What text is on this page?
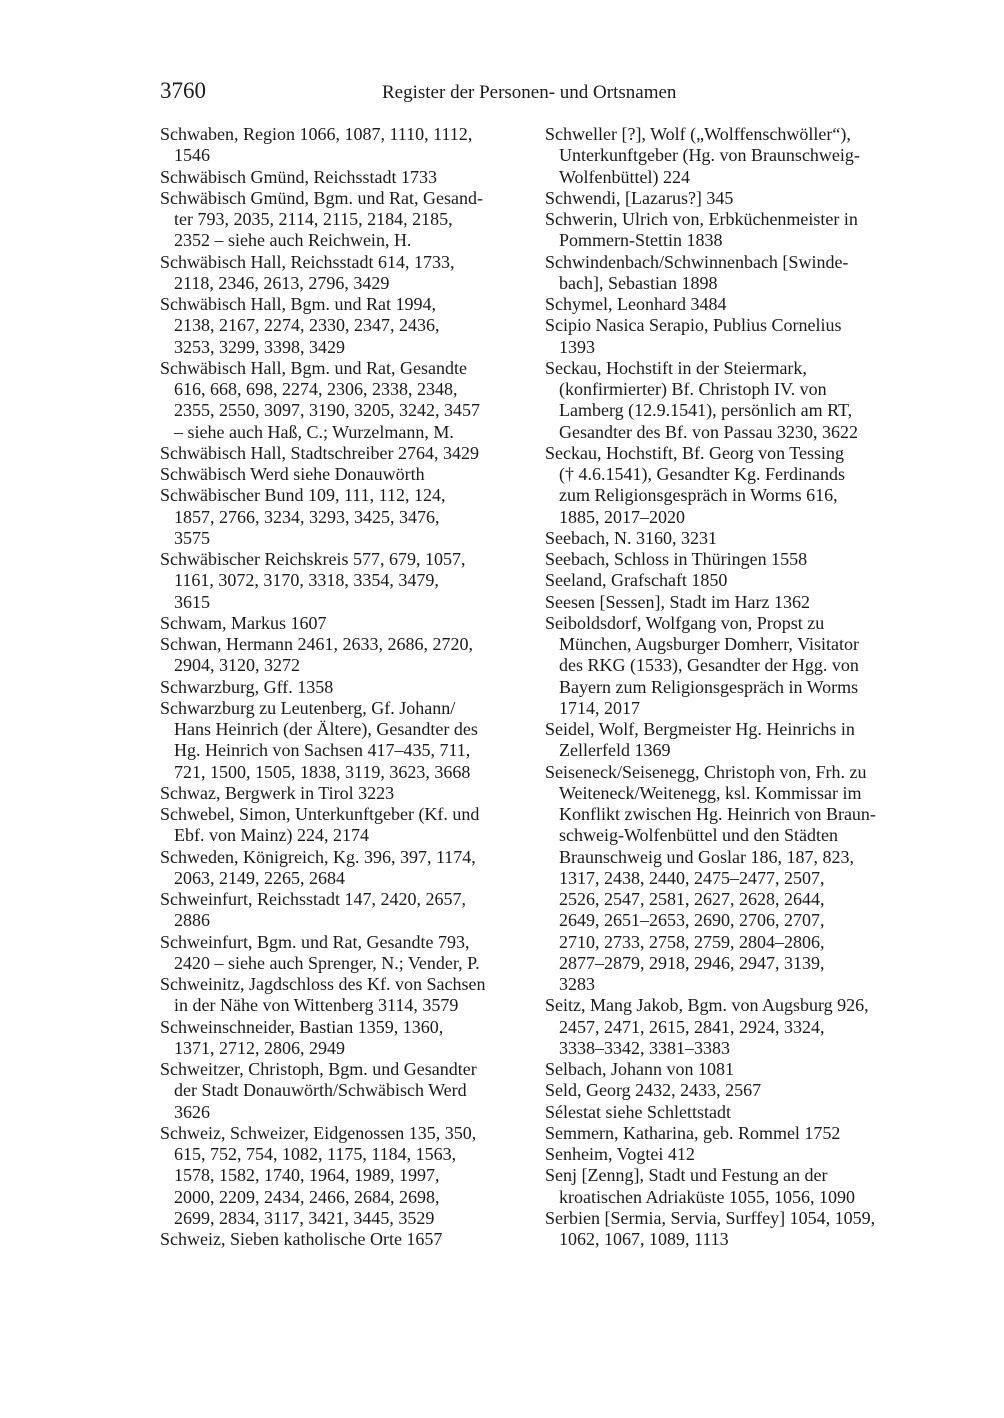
3760	Register der Personen- und Ortsnamen
Schwaben, Region 1066, 1087, 1110, 1112,
1546
Schwäbisch Gmünd, Reichsstadt 1733
Schwäbisch Gmünd, Bgm. und Rat, Gesand-
ter 793, 2035, 2114, 2115, 2184, 2185,
2352 – siehe auch Reichwein, H.
Schwäbisch Hall, Reichsstadt 614, 1733,
2118, 2346, 2613, 2796, 3429
Schwäbisch Hall, Bgm. und Rat 1994,
2138, 2167, 2274, 2330, 2347, 2436,
3253, 3299, 3398, 3429
Schwäbisch Hall, Bgm. und Rat, Gesandte
616, 668, 698, 2274, 2306, 2338, 2348,
2355, 2550, 3097, 3190, 3205, 3242, 3457
– siehe auch Haß, C.; Wurzelmann, M.
Schwäbisch Hall, Stadtschreiber 2764, 3429
Schwäbisch Werd siehe Donauwörth
Schwäbischer Bund 109, 111, 112, 124,
1857, 2766, 3234, 3293, 3425, 3476,
3575
Schwäbischer Reichskreis 577, 679, 1057,
1161, 3072, 3170, 3318, 3354, 3479,
3615
Schwam, Markus 1607
Schwan, Hermann 2461, 2633, 2686, 2720,
2904, 3120, 3272
Schwarzburg, Gff. 1358
Schwarzburg zu Leutenberg, Gf. Johann/
Hans Heinrich (der Ältere), Gesandter des
Hg. Heinrich von Sachsen 417–435, 711,
721, 1500, 1505, 1838, 3119, 3623, 3668
Schwaz, Bergwerk in Tirol 3223
Schwebel, Simon, Unterkunftgeber (Kf. und
Ebf. von Mainz) 224, 2174
Schweden, Königreich, Kg. 396, 397, 1174,
2063, 2149, 2265, 2684
Schweinfurt, Reichsstadt 147, 2420, 2657,
2886
Schweinfurt, Bgm. und Rat, Gesandte 793,
2420 – siehe auch Sprenger, N.; Vender, P.
Schweinitz, Jagdschloss des Kf. von Sachsen
in der Nähe von Wittenberg 3114, 3579
Schweinschneider, Bastian 1359, 1360,
1371, 2712, 2806, 2949
Schweitzer, Christoph, Bgm. und Gesandter
der Stadt Donauwörth/Schwäbisch Werd
3626
Schweiz, Schweizer, Eidgenossen 135, 350,
615, 752, 754, 1082, 1175, 1184, 1563,
1578, 1582, 1740, 1964, 1989, 1997,
2000, 2209, 2434, 2466, 2684, 2698,
2699, 2834, 3117, 3421, 3445, 3529
Schweiz, Sieben katholische Orte 1657
Schweller [?], Wolf („Wolffenschwöller“),
Unterkunftgeber (Hg. von Braunschweig-
Wolfenbüttel) 224
Schwendi, [Lazarus?] 345
Schwerin, Ulrich von, Erbküchenmeister in
Pommern-Stettin 1838
Schwindenbach/Schwinnenbach [Swinde-
bach], Sebastian 1898
Schymel, Leonhard 3484
Scipio Nasica Serapio, Publius Cornelius
1393
Seckau, Hochstift in der Steiermark,
(konfirmierter) Bf. Christoph IV. von
Lamberg (12.9.1541), persönlich am RT,
Gesandter des Bf. von Passau 3230, 3622
Seckau, Hochstift, Bf. Georg von Tessing
(† 4.6.1541), Gesandter Kg. Ferdinands
zum Religionsgespräch in Worms 616,
1885, 2017–2020
Seebach, N. 3160, 3231
Seebach, Schloss in Thüringen 1558
Seeland, Grafschaft 1850
Seesen [Sessen], Stadt im Harz 1362
Seiboldsdorf, Wolfgang von, Propst zu
München, Augsburger Domherr, Visitator
des RKG (1533), Gesandter der Hgg. von
Bayern zum Religionsgespräch in Worms
1714, 2017
Seidel, Wolf, Bergmeister Hg. Heinrichs in
Zellerfeld 1369
Seiseneck/Seisenegg, Christoph von, Frh. zu
Weiteneck/Weitenegg, ksl. Kommissar im
Konflikt zwischen Hg. Heinrich von Braun-
schweig-Wolfenbüttel und den Städten
Braunschweig und Goslar 186, 187, 823,
1317, 2438, 2440, 2475–2477, 2507,
2526, 2547, 2581, 2627, 2628, 2644,
2649, 2651–2653, 2690, 2706, 2707,
2710, 2733, 2758, 2759, 2804–2806,
2877–2879, 2918, 2946, 2947, 3139,
3283
Seitz, Mang Jakob, Bgm. von Augsburg 926,
2457, 2471, 2615, 2841, 2924, 3324,
3338–3342, 3381–3383
Selbach, Johann von 1081
Seld, Georg 2432, 2433, 2567
Sélestat siehe Schlettstadt
Semmern, Katharina, geb. Rommel 1752
Senheim, Vogtei 412
Senj [Zenng], Stadt und Festung an der
kroatischen Adriaküste 1055, 1056, 1090
Serbien [Sermia, Servia, Surffey] 1054, 1059,
1062, 1067, 1089, 1113
